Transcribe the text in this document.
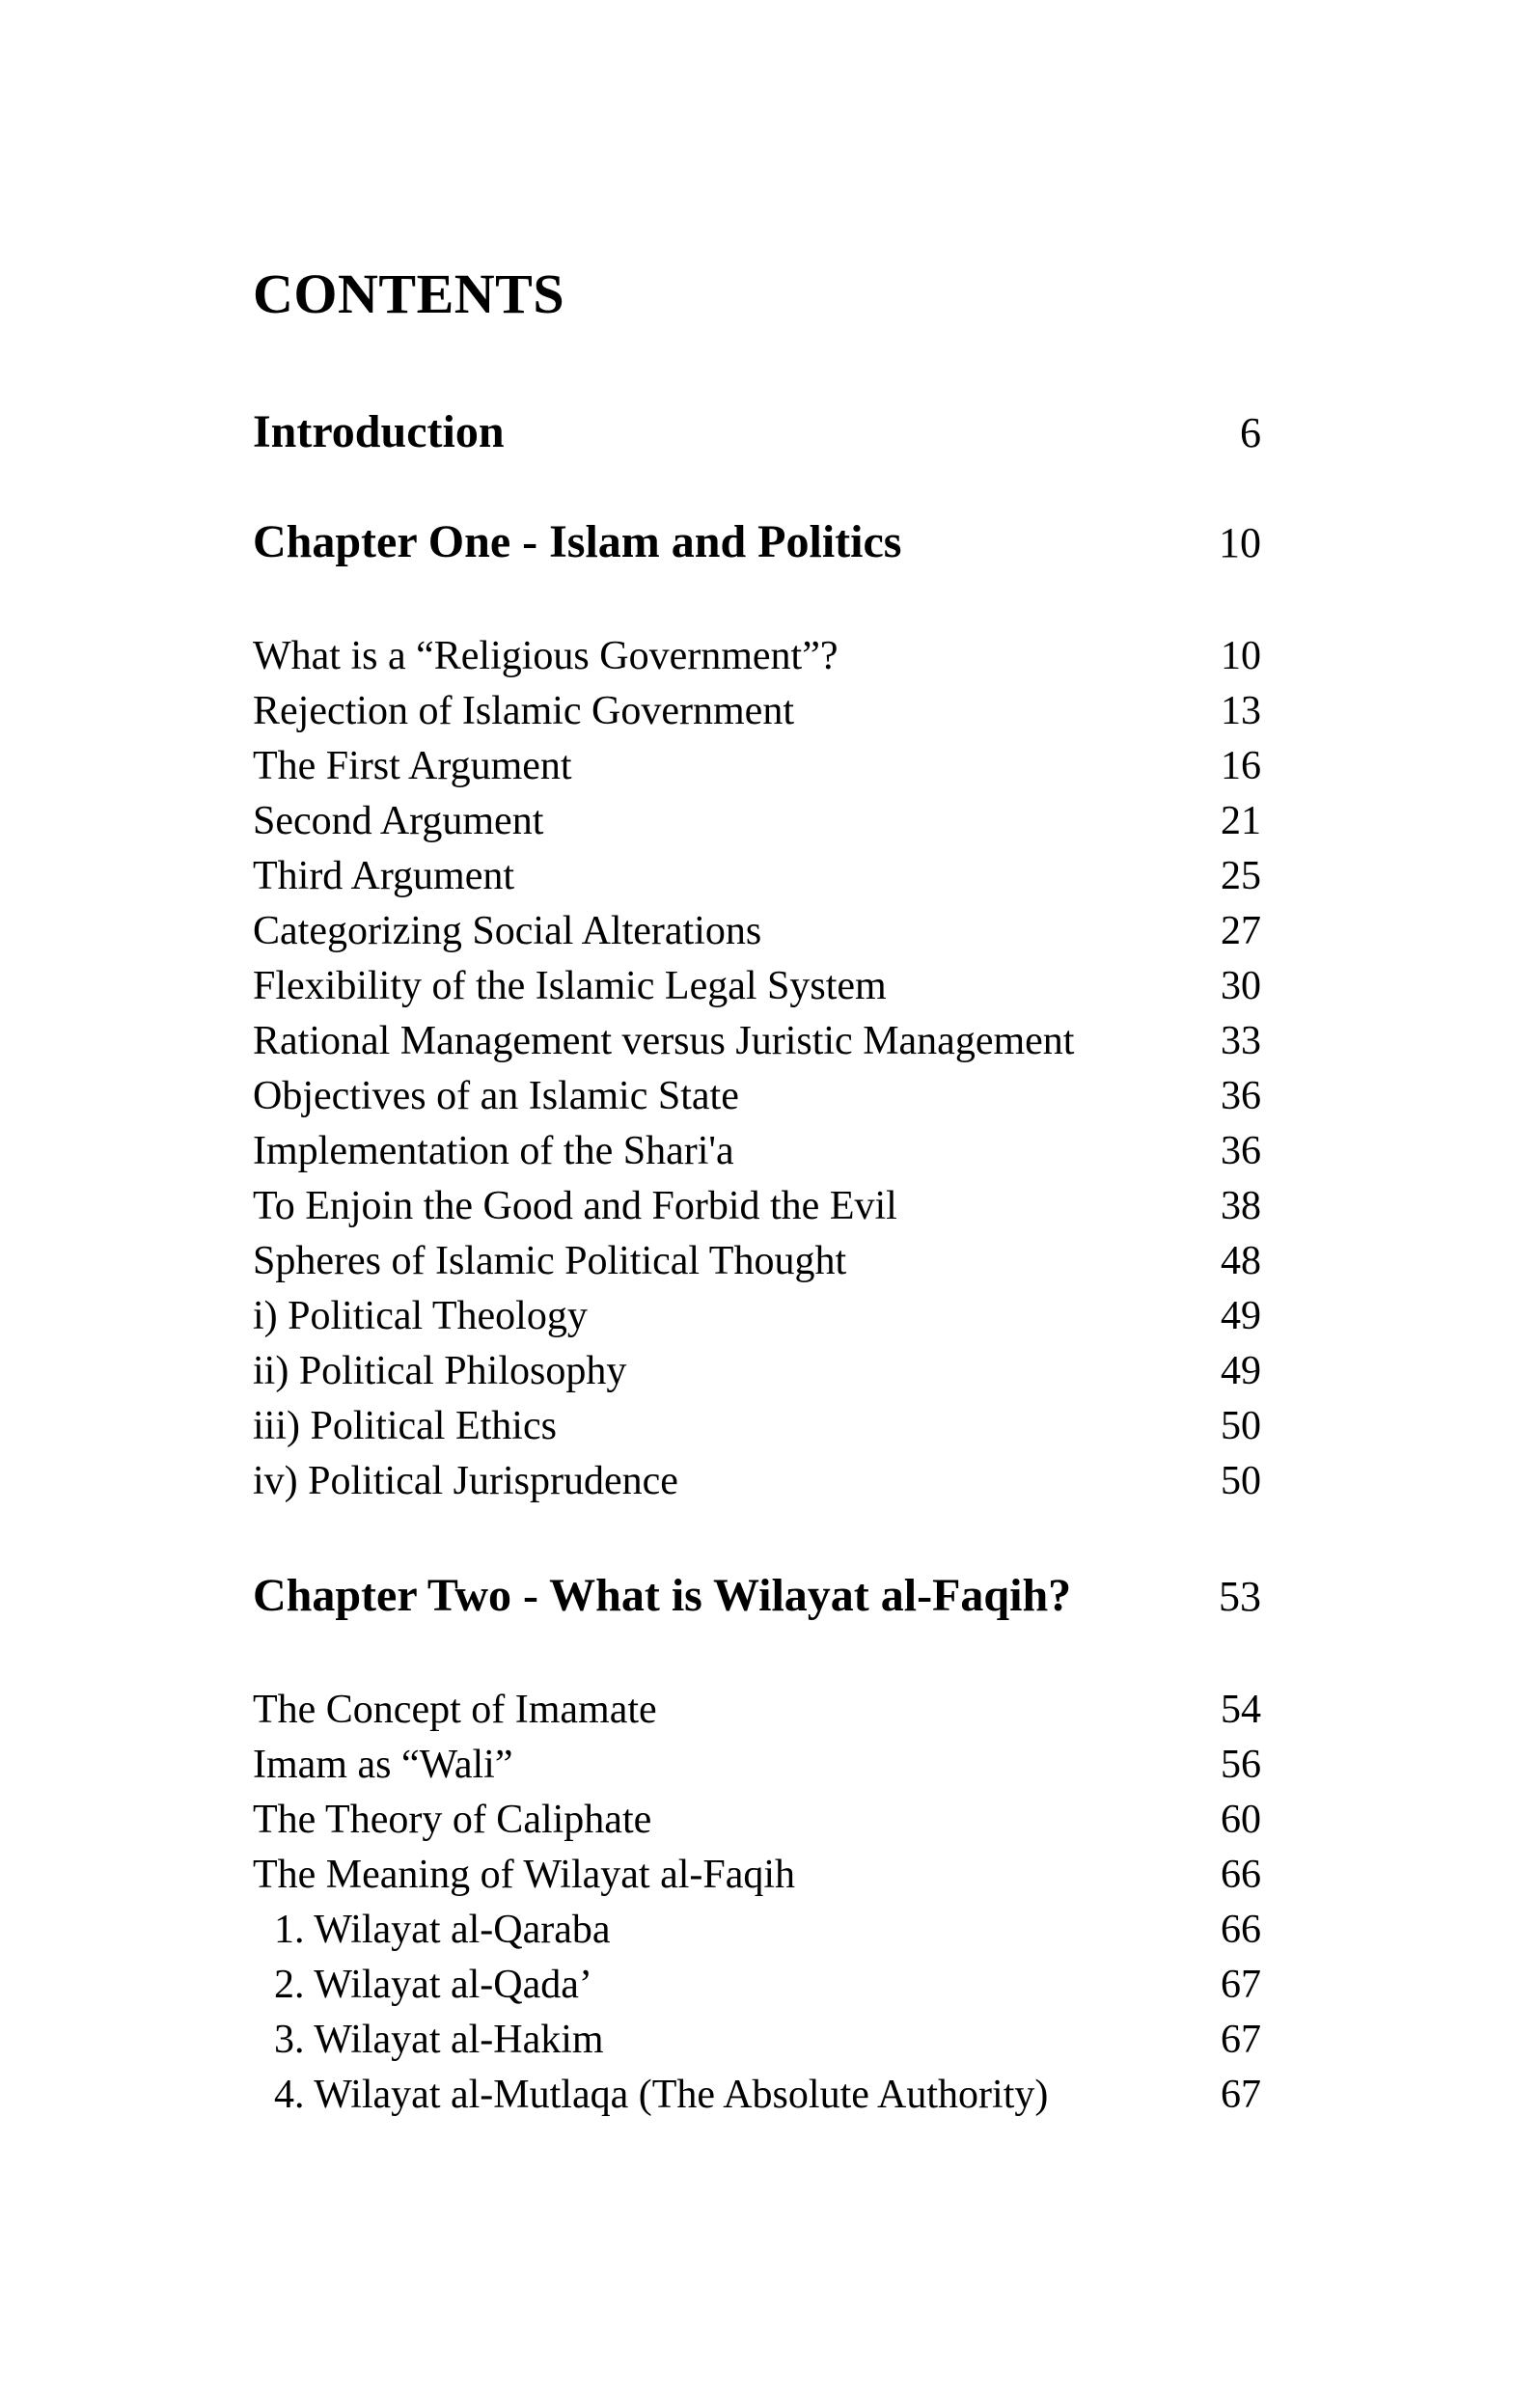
CONTENTS
Introduction	6
Chapter One - Islam and Politics	10
What is a “Religious Government”?	10
Rejection of Islamic Government	13
The First Argument	16
Second Argument	21
Third Argument	25
Categorizing Social Alterations	27
Flexibility of the Islamic Legal System	30
Rational Management versus Juristic Management	33
Objectives of an Islamic State	36
Implementation of the Shari'a	36
To Enjoin the Good and Forbid the Evil	38
Spheres of Islamic Political Thought	48
i) Political Theology	49
ii) Political Philosophy	49
iii) Political Ethics	50
iv) Political Jurisprudence	50
Chapter Two - What is Wilayat al-Faqih?	53
The Concept of Imamate	54
Imam as “Wali”	56
The Theory of Caliphate	60
The Meaning of Wilayat al-Faqih	66
1. Wilayat al-Qaraba	66
2. Wilayat al-Qada’	67
3. Wilayat al-Hakim	67
4. Wilayat al-Mutlaqa (The Absolute Authority)	67
